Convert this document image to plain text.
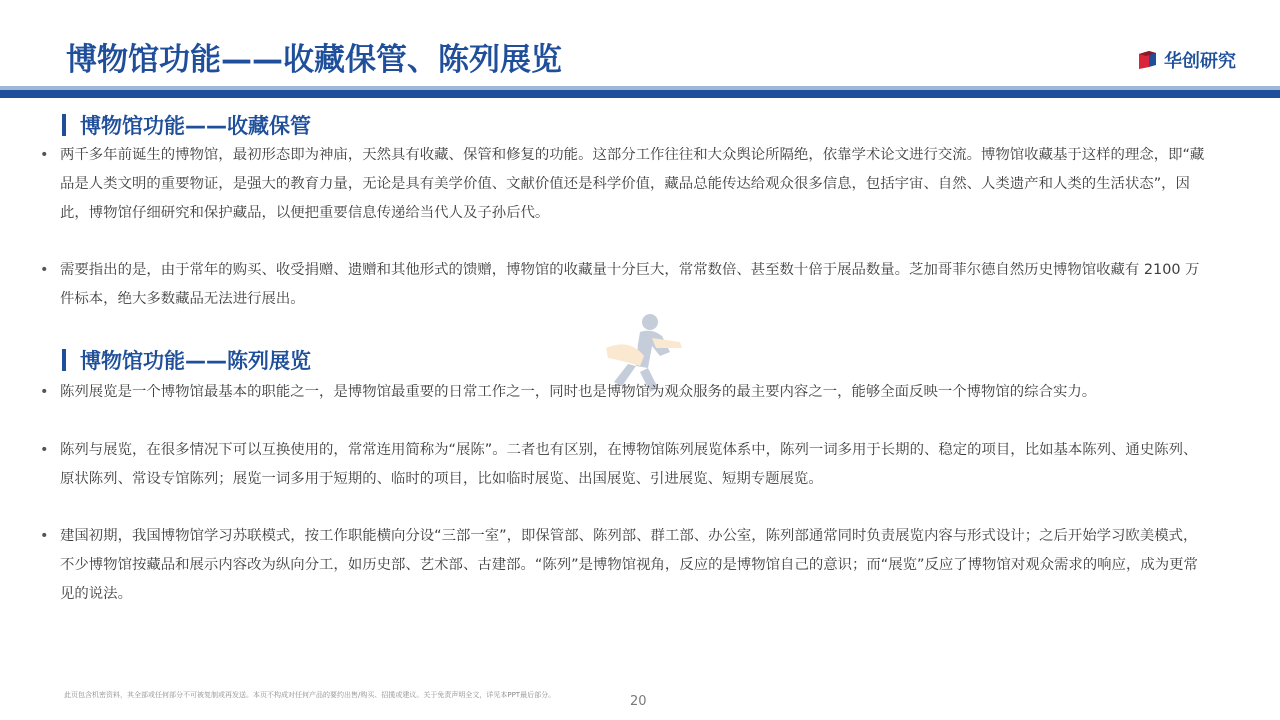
博物馆功能——收藏保管、陈列展览	华创研究
博物馆功能——收藏保管
• 两千多年前诞生的博物馆，最初形态即为神庙，天然具有收藏、保管和修复的功能。这部分工作往往和大众舆论所隔绝，依靠学术论文进行交流。博物馆收藏基于这样的理念，即“藏品是人类文明的重要物证，是强大的教育力量，无论是具有美学价值、文献价值还是科学价值，藏品总能传达给观众很多信息，包括宇宙、自然、人类遗产和人类的生活状态”，因此，博物馆仔细研究和保护藏品，以便把重要信息传递给当代人及子孙后代。
• 需要指出的是，由于常年的购买、收受捐赠、遗赠和其他形式的馈赠，博物馆的收藏量十分巨大，常常数倍、甚至数十倍于展品数量。芝加哥菲尔德自然历史博物馆收藏有 2100 万件标本，绝大多数藏品无法进行展出。
博物馆功能——陈列展览
• 陈列展览是一个博物馆最基本的职能之一，是博物馆最重要的日常工作之一，同时也是博物馆为观众服务的最主要内容之一，能够全面反映一个博物馆的综合实力。
• 陈列与展览，在很多情况下可以互换使用的，常常连用简称为“展陈”。二者也有区别，在博物馆陈列展览体系中，陈列一词多用于长期的、稳定的项目，比如基本陈列、通史陈列、原状陈列、常设专馆陈列；展览一词多用于短期的、临时的项目，比如临时展览、出国展览、引进展览、短期专题展览。
• 建国初期，我国博物馆学习苏联模式，按工作职能横向分设“三部一室”，即保管部、陈列部、群工部、办公室，陈列部通常同时负责展览内容与形式设计；之后开始学习欧美模式，不少博物馆按藏品和展示内容改为纵向分工，如历史部、艺术部、古建部。“陈列”是博物馆视角，反应的是博物馆自己的意识；而“展览”反应了博物馆对观众需求的响应，成为更常见的说法。
此页包含机密资料，其全部或任何部分不可被复制或再发送。本页不构成对任何产品的要约出售/购买、招揽或建议。关于免责声明全文，详见本PPT最后部分。	20
